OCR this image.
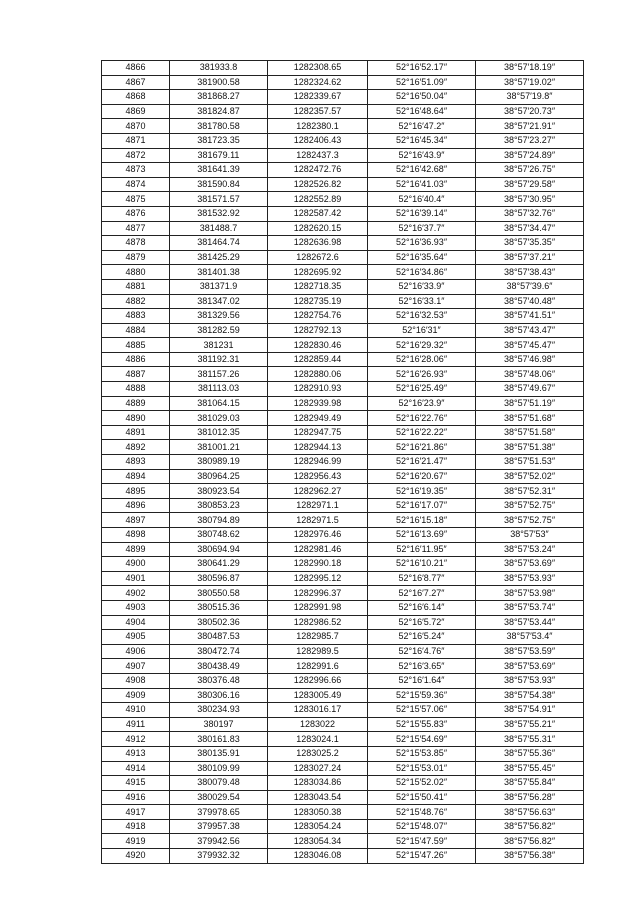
4866	381933.8	1282308.65	52°16′52.17″	38°57′18.19″
4867	381900.58	1282324.62	52°16′51.09″	38°57′19.02″
4868	381868.27	1282339.67	52°16′50.04″	38°57′19.8″
4869	381824.87	1282357.57	52°16′48.64″	38°57′20.73″
4870	381780.58	1282380.1	52°16′47.2″	38°57′21.91″
4871	381723.35	1282406.43	52°16′45.34″	38°57′23.27″
4872	381679.11	1282437.3	52°16′43.9″	38°57′24.89″
4873	381641.39	1282472.76	52°16′42.68″	38°57′26.75″
4874	381590.84	1282526.82	52°16′41.03″	38°57′29.58″
4875	381571.57	1282552.89	52°16′40.4″	38°57′30.95″
4876	381532.92	1282587.42	52°16′39.14″	38°57′32.76″
4877	381488.7	1282620.15	52°16′37.7″	38°57′34.47″
4878	381464.74	1282636.98	52°16′36.93″	38°57′35.35″
4879	381425.29	1282672.6	52°16′35.64″	38°57′37.21″
4880	381401.38	1282695.92	52°16′34.86″	38°57′38.43″
4881	381371.9	1282718.35	52°16′33.9″	38°57′39.6″
4882	381347.02	1282735.19	52°16′33.1″	38°57′40.48″
4883	381329.56	1282754.76	52°16′32.53″	38°57′41.51″
4884	381282.59	1282792.13	52°16′31″	38°57′43.47″
4885	381231	1282830.46	52°16′29.32″	38°57′45.47″
4886	381192.31	1282859.44	52°16′28.06″	38°57′46.98″
4887	381157.26	1282880.06	52°16′26.93″	38°57′48.06″
4888	381113.03	1282910.93	52°16′25.49″	38°57′49.67″
4889	381064.15	1282939.98	52°16′23.9″	38°57′51.19″
4890	381029.03	1282949.49	52°16′22.76″	38°57′51.68″
4891	381012.35	1282947.75	52°16′22.22″	38°57′51.58″
4892	381001.21	1282944.13	52°16′21.86″	38°57′51.38″
4893	380989.19	1282946.99	52°16′21.47″	38°57′51.53″
4894	380964.25	1282956.43	52°16′20.67″	38°57′52.02″
4895	380923.54	1282962.27	52°16′19.35″	38°57′52.31″
4896	380853.23	1282971.1	52°16′17.07″	38°57′52.75″
4897	380794.89	1282971.5	52°16′15.18″	38°57′52.75″
4898	380748.62	1282976.46	52°16′13.69″	38°57′53″
4899	380694.94	1282981.46	52°16′11.95″	38°57′53.24″
4900	380641.29	1282990.18	52°16′10.21″	38°57′53.69″
4901	380596.87	1282995.12	52°16′8.77″	38°57′53.93″
4902	380550.58	1282996.37	52°16′7.27″	38°57′53.98″
4903	380515.36	1282991.98	52°16′6.14″	38°57′53.74″
4904	380502.36	1282986.52	52°16′5.72″	38°57′53.44″
4905	380487.53	1282985.7	52°16′5.24″	38°57′53.4″
4906	380472.74	1282989.5	52°16′4.76″	38°57′53.59″
4907	380438.49	1282991.6	52°16′3.65″	38°57′53.69″
4908	380376.48	1282996.66	52°16′1.64″	38°57′53.93″
4909	380306.16	1283005.49	52°15′59.36″	38°57′54.38″
4910	380234.93	1283016.17	52°15′57.06″	38°57′54.91″
4911	380197	1283022	52°15′55.83″	38°57′55.21″
4912	380161.83	1283024.1	52°15′54.69″	38°57′55.31″
4913	380135.91	1283025.2	52°15′53.85″	38°57′55.36″
4914	380109.99	1283027.24	52°15′53.01″	38°57′55.45″
4915	380079.48	1283034.86	52°15′52.02″	38°57′55.84″
4916	380029.54	1283043.54	52°15′50.41″	38°57′56.28″
4917	379978.65	1283050.38	52°15′48.76″	38°57′56.63″
4918	379957.38	1283054.24	52°15′48.07″	38°57′56.82″
4919	379942.56	1283054.34	52°15′47.59″	38°57′56.82″
4920	379932.32	1283046.08	52°15′47.26″	38°57′56.38″
